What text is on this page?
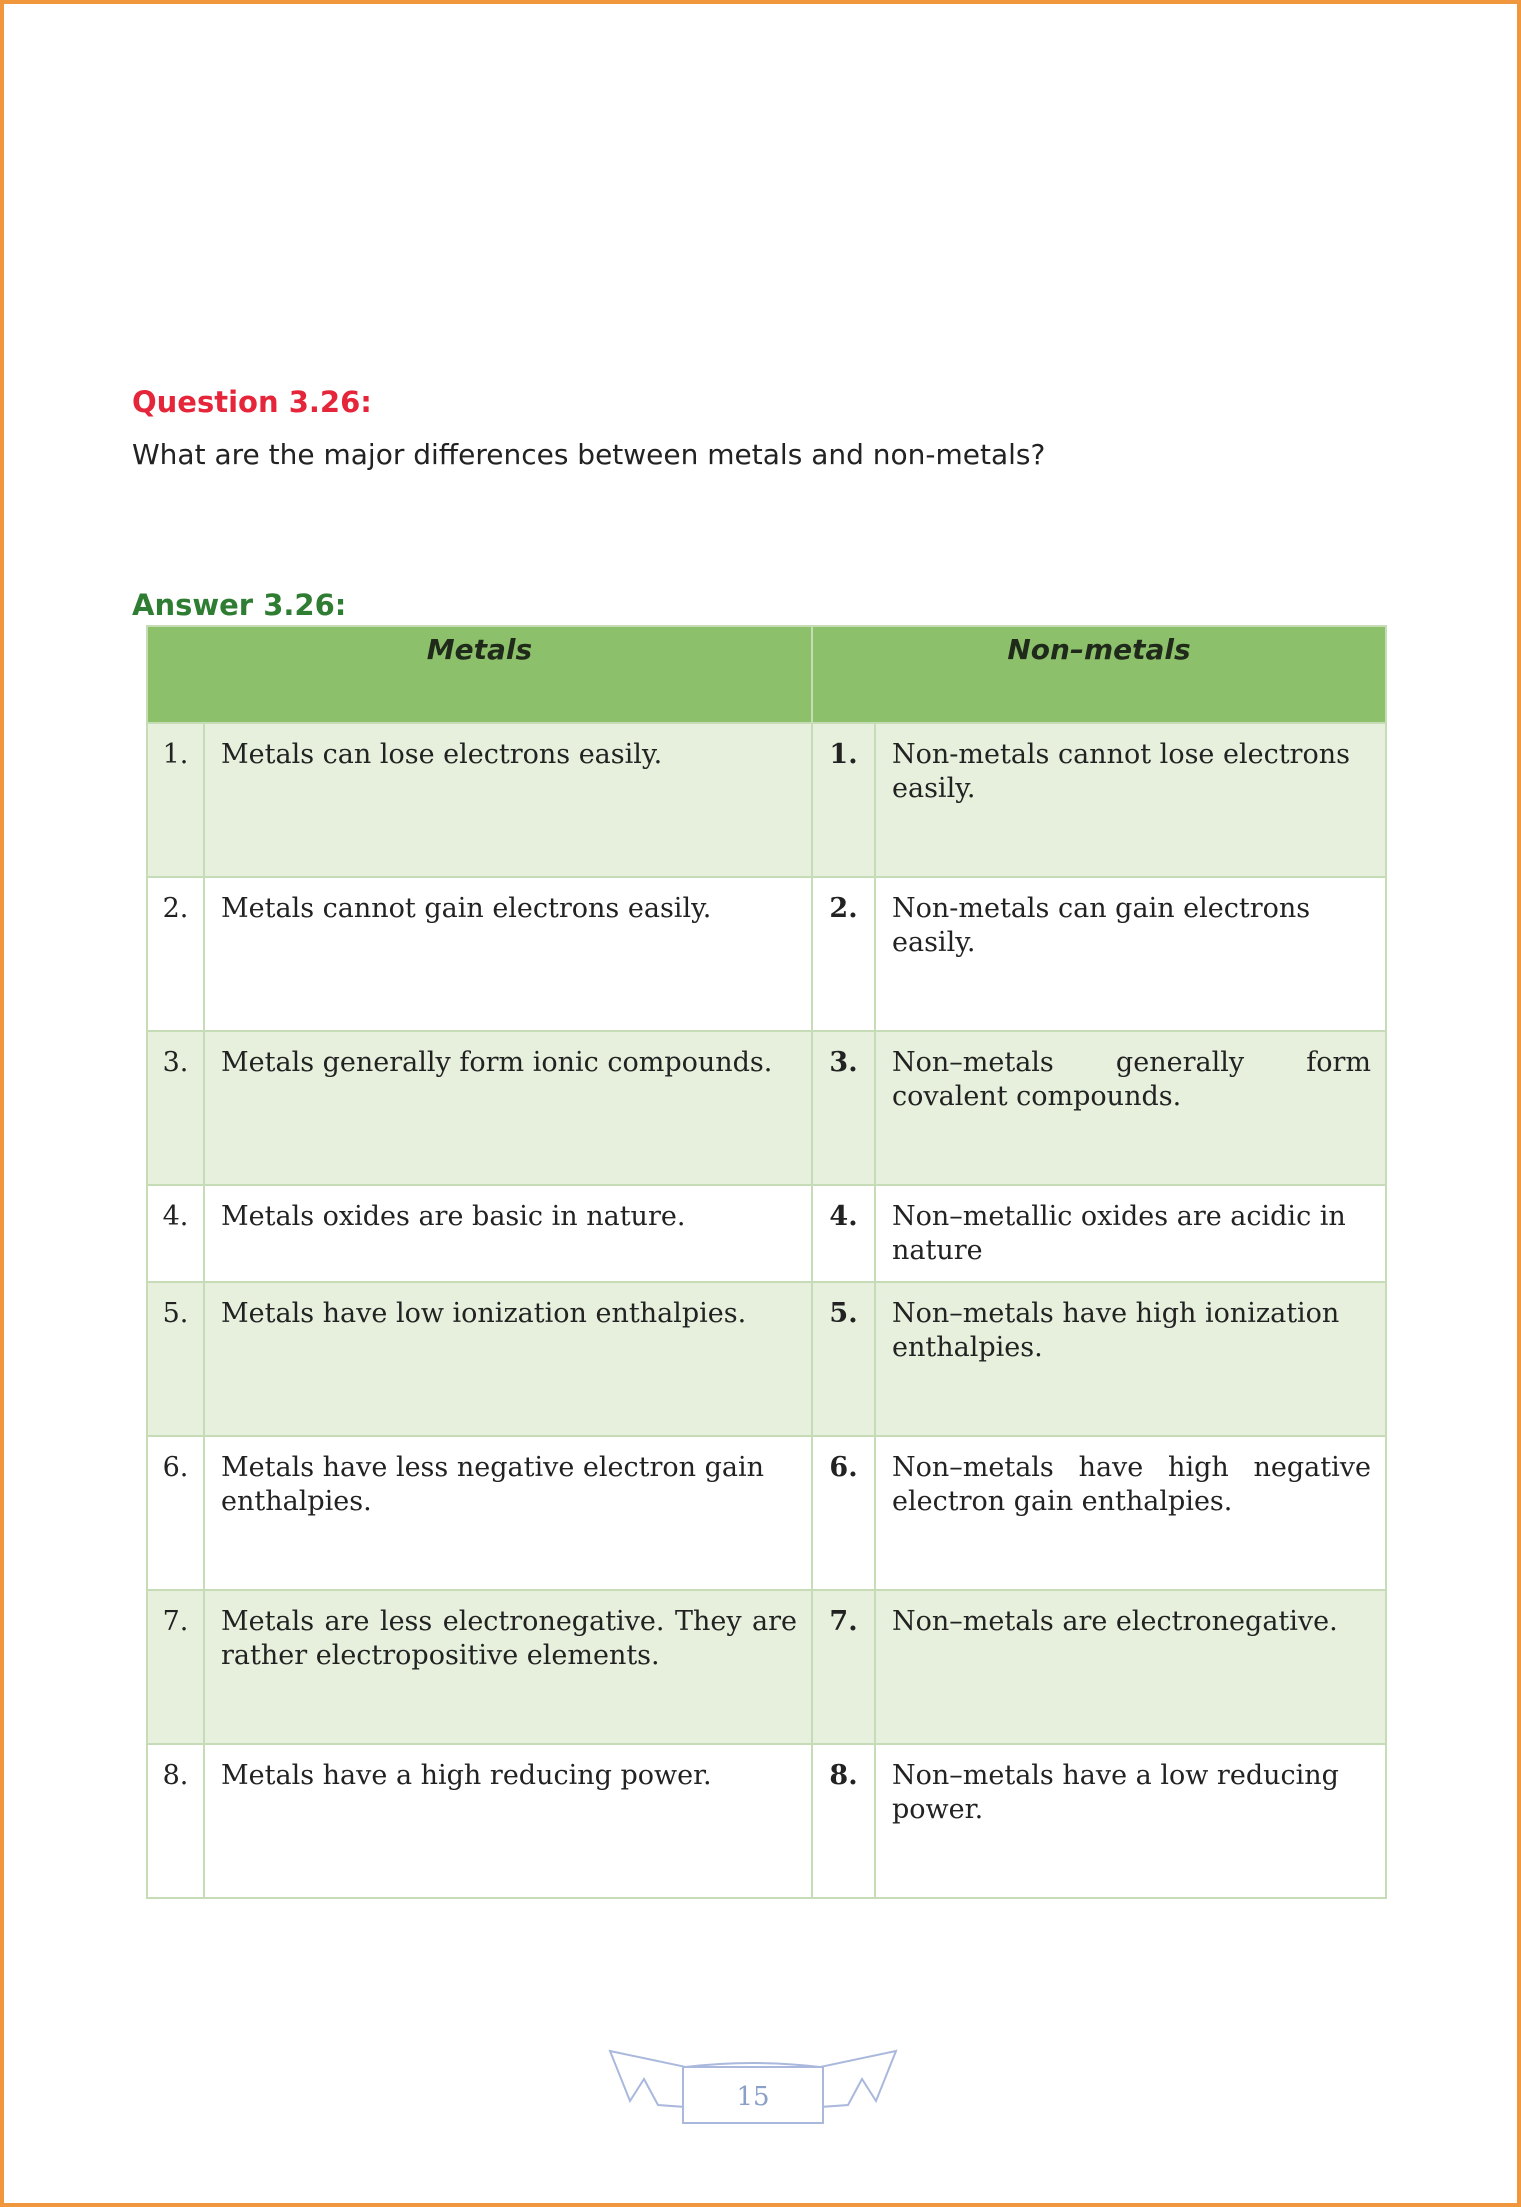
Question 3.26:
What are the major differences between metals and non-metals?
Answer 3.26:
Metals		Non–metals	
1.	Metals can lose electrons easily.	1.	Non-metals cannot lose electrons easily.
2.	Metals cannot gain electrons easily.	2.	Non-metals can gain electrons easily.
3.	Metals generally form ionic compounds.	3.	Non–metals generally form covalent compounds.
4.	Metals oxides are basic in nature.	4.	Non–metallic oxides are acidic in nature
5.	Metals have low ionization enthalpies.	5.	Non–metals have high ionization enthalpies.
6.	Metals have less negative electron gain enthalpies.	6.	Non–metals have high negative electron gain enthalpies.
7.	Metals are less electronegative. They are rather electropositive elements.	7.	Non–metals are electronegative.
8.	Metals have a high reducing power.	8.	Non–metals have a low reducing power.
15
